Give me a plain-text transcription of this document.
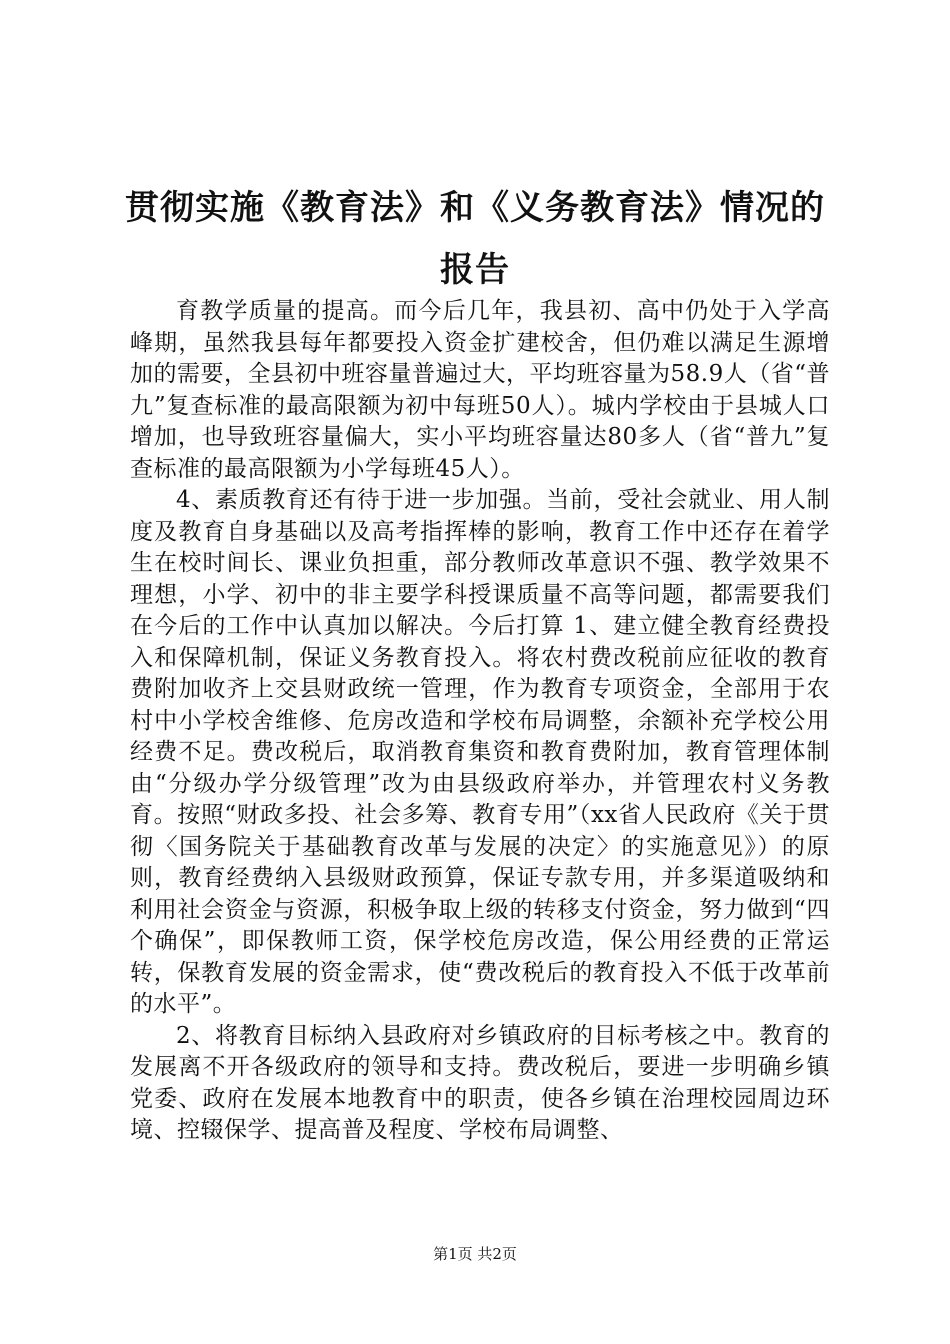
贯彻实施《教育法》和《义务教育法》情况的
报告

育教学质量的提高。而今后几年，我县初、高中仍处于入学高峰期，虽然我县每年都要投入资金扩建校舍，但仍难以满足生源增加的需要，全县初中班容量普遍过大，平均班容量为58.9人（省“普九”复查标准的最高限额为初中每班50人）。城内学校由于县城人口增加，也导致班容量偏大，实小平均班容量达80多人（省“普九”复查标准的最高限额为小学每班45人）。

4、素质教育还有待于进一步加强。当前，受社会就业、用人制度及教育自身基础以及高考指挥棒的影响，教育工作中还存在着学生在校时间长、课业负担重，部分教师改革意识不强、教学效果不理想，小学、初中的非主要学科授课质量不高等问题，都需要我们在今后的工作中认真加以解决。今后打算 1、建立健全教育经费投入和保障机制，保证义务教育投入。将农村费改税前应征收的教育费附加收齐上交县财政统一管理，作为教育专项资金，全部用于农村中小学校舍维修、危房改造和学校布局调整，余额补充学校公用经费不足。费改税后，取消教育集资和教育费附加，教育管理体制由“分级办学分级管理”改为由县级政府举办，并管理农村义务教育。按照“财政多投、社会多筹、教育专用”（xx省人民政府《关于贯彻〈国务院关于基础教育改革与发展的决定〉的实施意见》）的原则，教育经费纳入县级财政预算，保证专款专用，并多渠道吸纳和利用社会资金与资源，积极争取上级的转移支付资金，努力做到“四个确保”，即保教师工资，保学校危房改造，保公用经费的正常运转，保教育发展的资金需求，使“费改税后的教育投入不低于改革前的水平”。

2、将教育目标纳入县政府对乡镇政府的目标考核之中。教育的发展离不开各级政府的领导和支持。费改税后，要进一步明确乡镇党委、政府在发展本地教育中的职责，使各乡镇在治理校园周边环境、控辍保学、提高普及程度、学校布局调整、

第1页 共2页
